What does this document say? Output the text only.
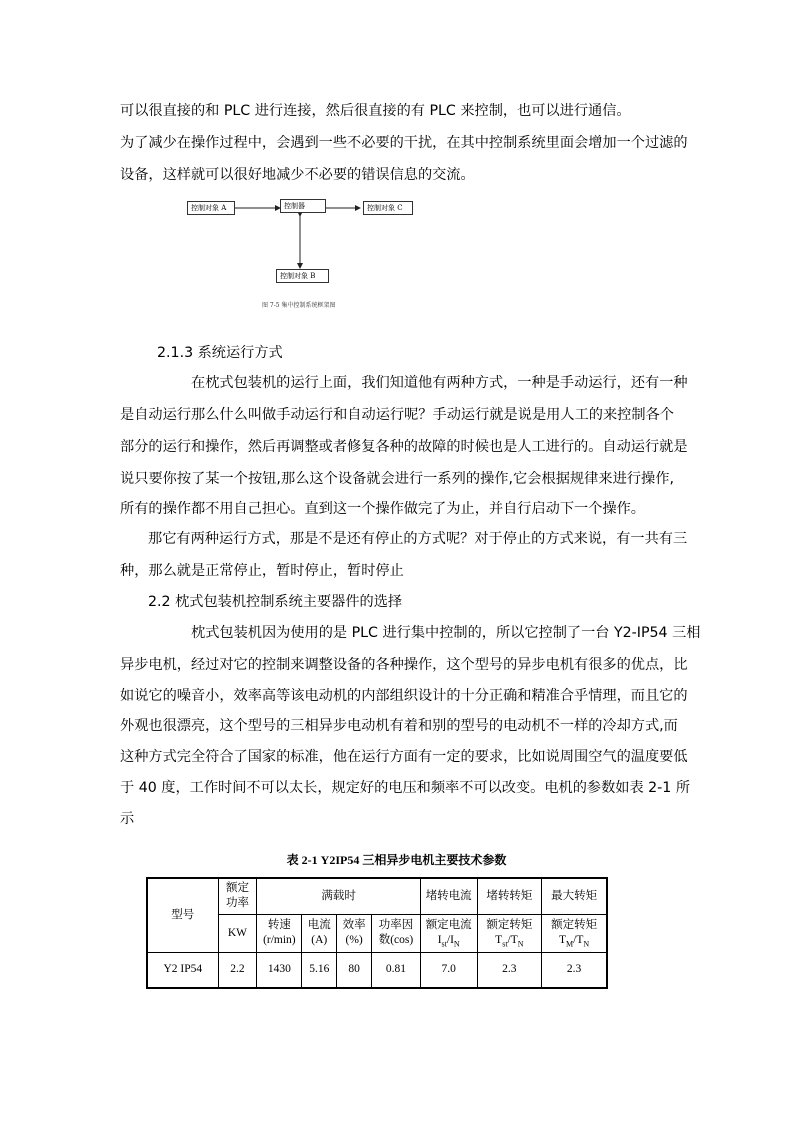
可以很直接的和 PLC 进行连接，然后很直接的有 PLC 来控制，也可以进行通信。
为了减少在操作过程中，会遇到一些不必要的干扰，在其中控制系统里面会增加一个过滤的
设备，这样就可以很好地减少不必要的错误信息的交流。
控制对象 A	控制器	控制对象 C
控制对象 B
图 7-5 集中控制系统框架图
2.1.3 系统运行方式
在枕式包装机的运行上面，我们知道他有两种方式，一种是手动运行，还有一种
是自动运行那么什么叫做手动运行和自动运行呢？手动运行就是说是用人工的来控制各个
部分的运行和操作，然后再调整或者修复各种的故障的时候也是人工进行的。自动运行就是
说只要你按了某一个按钮,那么这个设备就会进行一系列的操作,它会根据规律来进行操作,
所有的操作都不用自己担心。直到这一个操作做完了为止，并自行启动下一个操作。
那它有两种运行方式，那是不是还有停止的方式呢？对于停止的方式来说，有一共有三
种，那么就是正常停止，暂时停止，暂时停止
2.2 枕式包装机控制系统主要器件的选择
枕式包装机因为使用的是 PLC 进行集中控制的，所以它控制了一台 Y2-IP54 三相
异步电机，经过对它的控制来调整设备的各种操作，这个型号的异步电机有很多的优点，比
如说它的噪音小，效率高等该电动机的内部组织设计的十分正确和精准合乎情理，而且它的
外观也很漂亮，这个型号的三相异步电动机有着和别的型号的电动机不一样的冷却方式,而
这种方式完全符合了国家的标准，他在运行方面有一定的要求，比如说周围空气的温度要低
于 40 度，工作时间不可以太长，规定好的电压和频率不可以改变。电机的参数如表 2-1 所
示
表 2-1 Y2IP54 三相异步电机主要技术参数
型号	额定功率	满载时				堵转电流	堵转转矩	最大转矩
	KW	转速 (r/min)	电流 (A)	效率 (%)	功率因数(cos)	额定电流 $I_{st}/I_N$	额定转矩 $T_{st}/T_N$	额定转矩 $T_M/T_N$
Y2 IP54	2.2	1430	5.16	80	0.81	7.0	2.3	2.3
